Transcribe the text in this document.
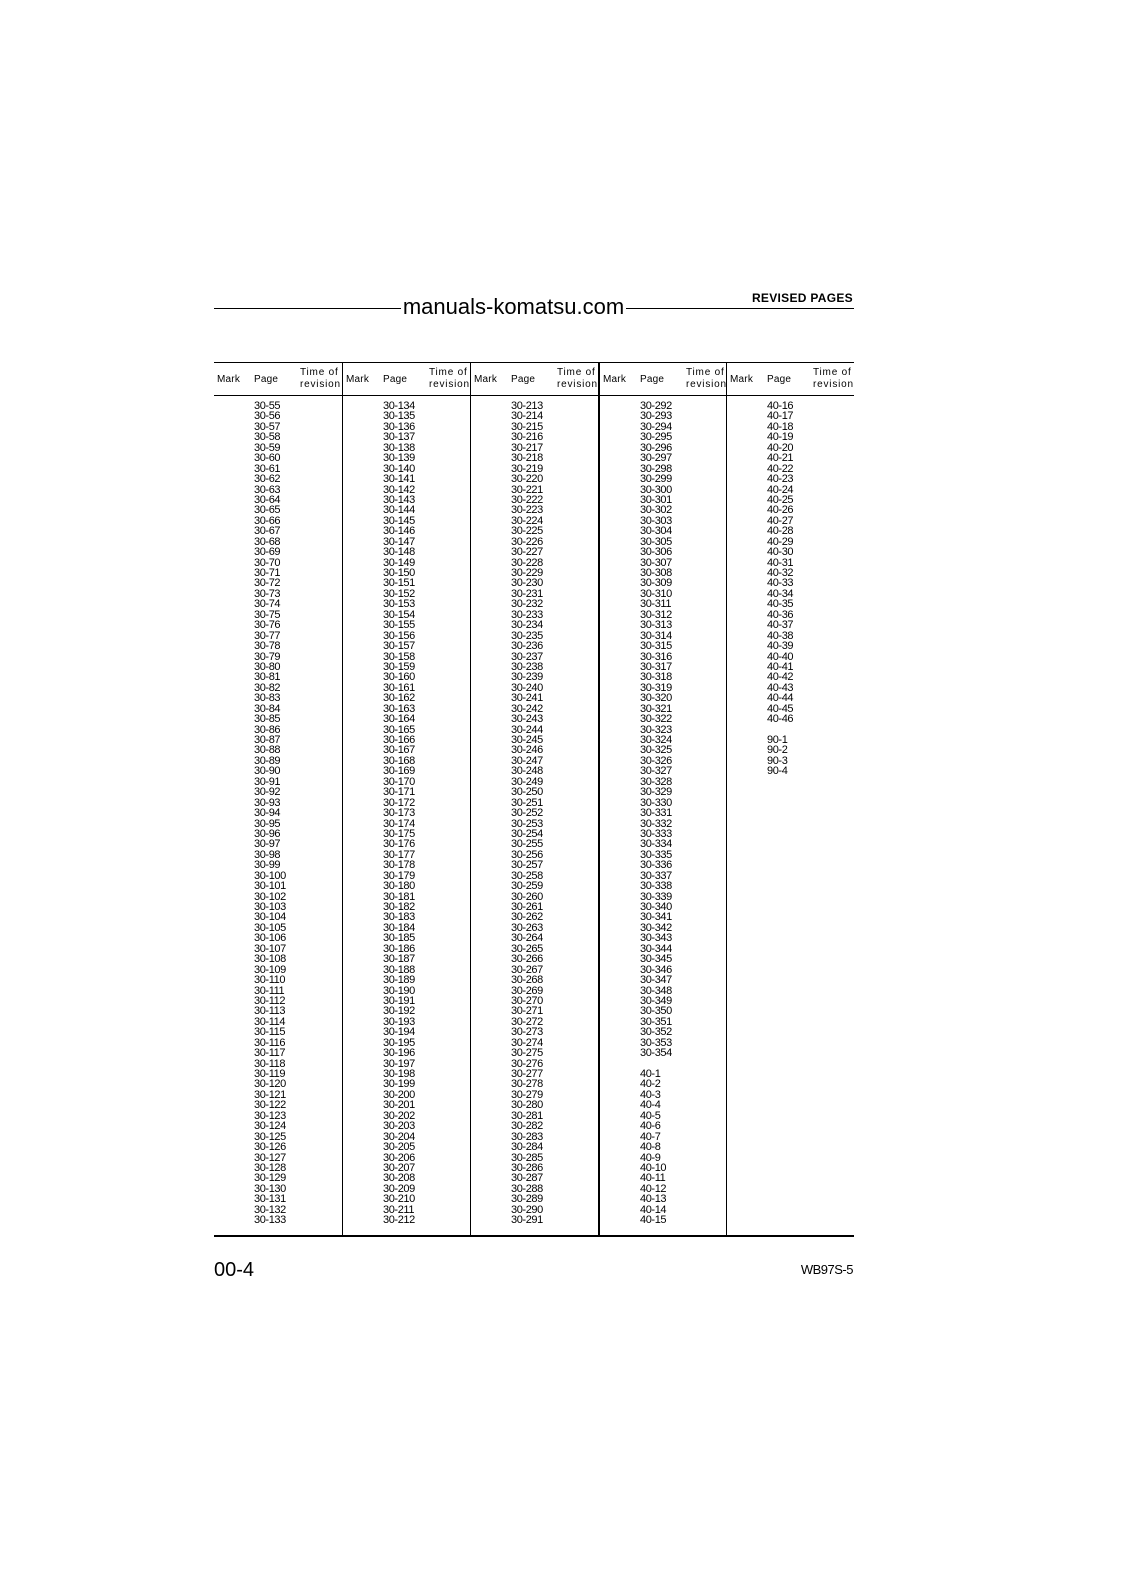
manuals-komatsu.com	REVISED PAGES
Mark Page
Time of
revision
30-55
30-56
30-57
30-58
30-59
30-60
30-61
30-62
30-63
30-64
30-65
30-66
30-67
30-68
30-69
30-70
30-71
30-72
30-73
30-74
30-75
30-76
30-77
30-78
30-79
30-80
30-81
30-82
30-83
30-84
30-85
30-86
30-87
30-88
30-89
30-90
30-91
30-92
30-93
30-94
30-95
30-96
30-97
30-98
30-99
30-100
30-101
30-102
30-103
30-104
30-105
30-106
30-107
30-108
30-109
30-110
30-111
30-112
30-113
30-114
30-115
30-116
30-117
30-118
30-119
30-120
30-121
30-122
30-123
30-124
30-125
30-126
30-127
30-128
30-129
30-130
30-131
30-132
30-133
Mark Page
Time of
revision
30-134
30-135
30-136
30-137
30-138
30-139
30-140
30-141
30-142
30-143
30-144
30-145
30-146
30-147
30-148
30-149
30-150
30-151
30-152
30-153
30-154
30-155
30-156
30-157
30-158
30-159
30-160
30-161
30-162
30-163
30-164
30-165
30-166
30-167
30-168
30-169
30-170
30-171
30-172
30-173
30-174
30-175
30-176
30-177
30-178
30-179
30-180
30-181
30-182
30-183
30-184
30-185
30-186
30-187
30-188
30-189
30-190
30-191
30-192
30-193
30-194
30-195
30-196
30-197
30-198
30-199
30-200
30-201
30-202
30-203
30-204
30-205
30-206
30-207
30-208
30-209
30-210
30-211
30-212
Mark Page
Time of
revision
30-213
30-214
30-215
30-216
30-217
30-218
30-219
30-220
30-221
30-222
30-223
30-224
30-225
30-226
30-227
30-228
30-229
30-230
30-231
30-232
30-233
30-234
30-235
30-236
30-237
30-238
30-239
30-240
30-241
30-242
30-243
30-244
30-245
30-246
30-247
30-248
30-249
30-250
30-251
30-252
30-253
30-254
30-255
30-256
30-257
30-258
30-259
30-260
30-261
30-262
30-263
30-264
30-265
30-266
30-267
30-268
30-269
30-270
30-271
30-272
30-273
30-274
30-275
30-276
30-277
30-278
30-279
30-280
30-281
30-282
30-283
30-284
30-285
30-286
30-287
30-288
30-289
30-290
30-291
Mark Page
Time of
revision
30-292
30-293
30-294
30-295
30-296
30-297
30-298
30-299
30-300
30-301
30-302
30-303
30-304
30-305
30-306
30-307
30-308
30-309
30-310
30-311
30-312
30-313
30-314
30-315
30-316
30-317
30-318
30-319
30-320
30-321
30-322
30-323
30-324
30-325
30-326
30-327
30-328
30-329
30-330
30-331
30-332
30-333
30-334
30-335
30-336
30-337
30-338
30-339
30-340
30-341
30-342
30-343
30-344
30-345
30-346
30-347
30-348
30-349
30-350
30-351
30-352
30-353
30-354
40-1
40-2
40-3
40-4
40-5
40-6
40-7
40-8
40-9
40-10
40-11
40-12
40-13
40-14
40-15
Mark Page
Time of
revision
40-16
40-17
40-18
40-19
40-20
40-21
40-22
40-23
40-24
40-25
40-26
40-27
40-28
40-29
40-30
40-31
40-32
40-33
40-34
40-35
40-36
40-37
40-38
40-39
40-40
40-41
40-42
40-43
40-44
40-45
40-46
90-1
90-2
90-3
90-4
00-4	WB97S-5
